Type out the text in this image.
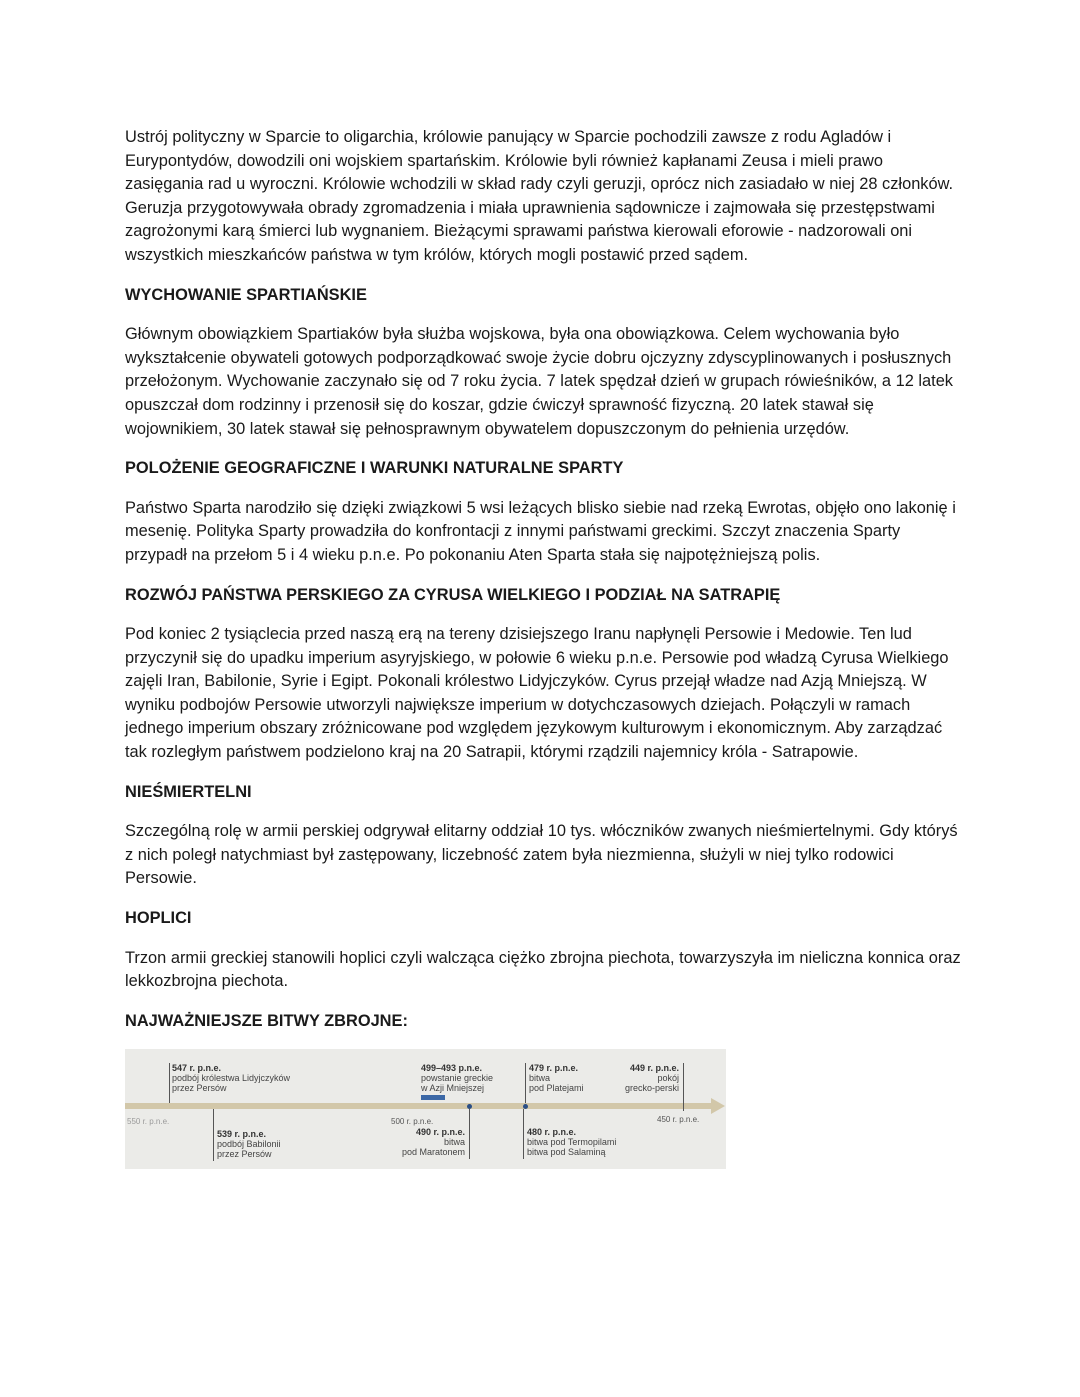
Ustrój polityczny w Sparcie to oligarchia, królowie panujący w Sparcie pochodzili zawsze z rodu Agladów i Eurypontydów, dowodzili oni wojskiem spartańskim. Królowie byli również kapłanami Zeusa i mieli prawo zasięgania rad u wyroczni. Królowie wchodzili w skład rady czyli geruzji, oprócz nich zasiadało w niej 28 członków. Geruzja przygotowywała obrady zgromadzenia i miała uprawnienia sądownicze i zajmowała się przestępstwami zagrożonymi karą śmierci lub wygnaniem. Bieżącymi sprawami państwa kierowali eforowie - nadzorowali oni wszystkich mieszkańców państwa w tym królów, których mogli postawić przed sądem.

WYCHOWANIE SPARTIAŃSKIE

Głównym obowiązkiem Spartiaków była służba wojskowa, była ona obowiązkowa. Celem wychowania było wykształcenie obywateli gotowych podporządkować swoje życie dobru ojczyzny zdyscyplinowanych i posłusznych przełożonym. Wychowanie zaczynało się od 7 roku życia. 7 latek spędzał dzień w grupach rówieśników, a 12 latek opuszczał dom rodzinny i przenosił się do koszar, gdzie ćwiczył sprawność fizyczną. 20 latek stawał się wojownikiem, 30 latek stawał się pełnosprawnym obywatelem dopuszczonym do pełnienia urzędów.

POLOŻENIE GEOGRAFICZNE I WARUNKI NATURALNE SPARTY

Państwo Sparta narodziło się dzięki związkowi 5 wsi leżących blisko siebie nad rzeką Ewrotas, objęło ono lakonię i mesenię. Polityka Sparty prowadziła do konfrontacji z innymi państwami greckimi. Szczyt znaczenia Sparty przypadł na przełom 5 i 4 wieku p.n.e. Po pokonaniu Aten Sparta stała się najpotężniejszą polis.

ROZWÓJ PAŃSTWA PERSKIEGO ZA CYRUSA WIELKIEGO I PODZIAŁ NA SATRAPIĘ

Pod koniec 2 tysiąclecia przed naszą erą na tereny dzisiejszego Iranu napłynęli Persowie i Medowie. Ten lud przyczynił się do upadku imperium asyryjskiego, w połowie 6 wieku p.n.e. Persowie pod władzą Cyrusa Wielkiego zajęli Iran, Babilonie, Syrie i Egipt. Pokonali królestwo Lidyjczyków. Cyrus przejął władze nad Azją Mniejszą. W wyniku podbojów Persowie utworzyli największe imperium w dotychczasowych dziejach. Połączyli w ramach jednego imperium obszary zróżnicowane pod względem językowym kulturowym i ekonomicznym. Aby zarządzać tak rozległym państwem podzielono kraj na 20 Satrapii, którymi rządzili najemnicy króla - Satrapowie.

NIEŚMIERTELNI

Szczególną rolę w armii perskiej odgrywał elitarny oddział 10 tys. włóczników zwanych nieśmiertelnymi. Gdy któryś z nich poległ natychmiast był zastępowany, liczebność zatem była niezmienna, służyli w niej tylko rodowici Persowie.

HOPLICI

Trzon armii greckiej stanowili hoplici czyli walcząca ciężko zbrojna piechota, towarzyszyła im nieliczna konnica oraz lekkozbrojna piechota.

NAJWAŻNIEJSZE BITWY ZBROJNE:
550 r. p.n.e.	500 r. p.n.e.	450 r. p.n.e.
547 r. p.n.e.
podbój królestwa Lidyjczyków
przez Persów
539 r. p.n.e.
podbój Babilonii
przez Persów
499–493 p.n.e.
powstanie greckie
w Azji Mniejszej
490 r. p.n.e.
bitwa
pod Maratonem
479 r. p.n.e.
bitwa
pod Platejami
480 r. p.n.e.
bitwa pod Termopilami
bitwa pod Salaminą
449 r. p.n.e.
pokój
grecko-perski
